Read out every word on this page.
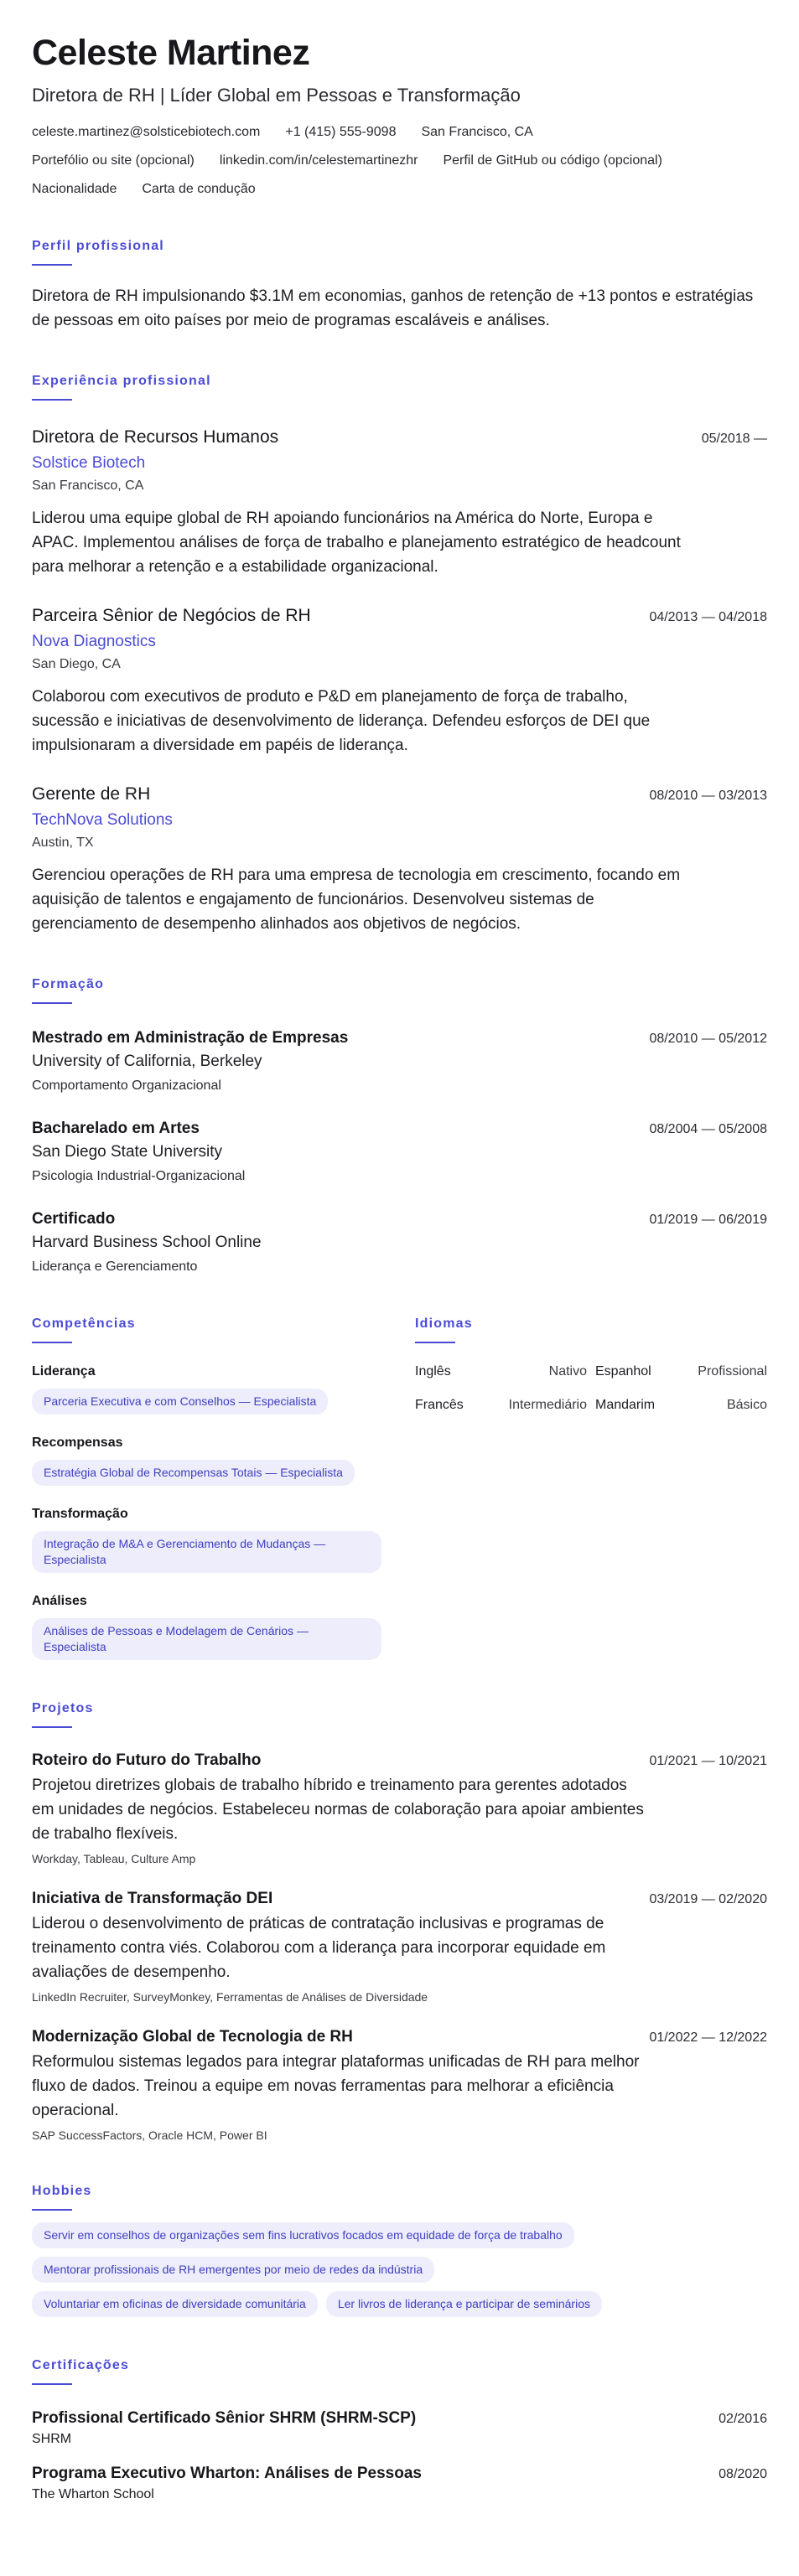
Celeste Martinez
Diretora de RH | Líder Global em Pessoas e Transformação
celeste.martinez@solsticebiotech.com +1 (415) 555-9098 San Francisco, CA
Portefólio ou site (opcional) linkedin.com/in/celestemartinezhr Perfil de GitHub ou código (opcional)
Nacionalidade Carta de condução
Perfil profissional
Diretora de RH impulsionando $3.1M em economias, ganhos de retenção de +13 pontos e estratégias de pessoas em oito países por meio de programas escaláveis e análises.
Experiência profissional
Diretora de Recursos Humanos	05/2018 —
Solstice Biotech
San Francisco, CA
Liderou uma equipe global de RH apoiando funcionários na América do Norte, Europa e APAC. Implementou análises de força de trabalho e planejamento estratégico de headcount para melhorar a retenção e a estabilidade organizacional.
Parceira Sênior de Negócios de RH	04/2013 — 04/2018
Nova Diagnostics
San Diego, CA
Colaborou com executivos de produto e P&D em planejamento de força de trabalho, sucessão e iniciativas de desenvolvimento de liderança. Defendeu esforços de DEI que impulsionaram a diversidade em papéis de liderança.
Gerente de RH	08/2010 — 03/2013
TechNova Solutions
Austin, TX
Gerenciou operações de RH para uma empresa de tecnologia em crescimento, focando em aquisição de talentos e engajamento de funcionários. Desenvolveu sistemas de gerenciamento de desempenho alinhados aos objetivos de negócios.
Formação
Mestrado em Administração de Empresas	08/2010 — 05/2012
University of California, Berkeley
Comportamento Organizacional
Bacharelado em Artes	08/2004 — 05/2008
San Diego State University
Psicologia Industrial-Organizacional
Certificado	01/2019 — 06/2019
Harvard Business School Online
Liderança e Gerenciamento
Competências
Liderança
Parceria Executiva e com Conselhos — Especialista
Recompensas
Estratégia Global de Recompensas Totais — Especialista
Transformação
Integração de M&A e Gerenciamento de Mudanças — Especialista
Análises
Análises de Pessoas e Modelagem de Cenários — Especialista
Idiomas
Inglês	Nativo Espanhol	Profissional
Francês	Intermediário Mandarim	Básico
Projetos
Roteiro do Futuro do Trabalho	01/2021 — 10/2021
Projetou diretrizes globais de trabalho híbrido e treinamento para gerentes adotados em unidades de negócios. Estabeleceu normas de colaboração para apoiar ambientes de trabalho flexíveis.
Workday, Tableau, Culture Amp
Iniciativa de Transformação DEI	03/2019 — 02/2020
Liderou o desenvolvimento de práticas de contratação inclusivas e programas de treinamento contra viés. Colaborou com a liderança para incorporar equidade em avaliações de desempenho.
LinkedIn Recruiter, SurveyMonkey, Ferramentas de Análises de Diversidade
Modernização Global de Tecnologia de RH	01/2022 — 12/2022
Reformulou sistemas legados para integrar plataformas unificadas de RH para melhor fluxo de dados. Treinou a equipe em novas ferramentas para melhorar a eficiência operacional.
SAP SuccessFactors, Oracle HCM, Power BI
Hobbies
Servir em conselhos de organizações sem fins lucrativos focados em equidade de força de trabalho
Mentorar profissionais de RH emergentes por meio de redes da indústria
Voluntariar em oficinas de diversidade comunitária	Ler livros de liderança e participar de seminários
Certificações
Profissional Certificado Sênior SHRM (SHRM-SCP)	02/2016
SHRM
Programa Executivo Wharton: Análises de Pessoas	08/2020
The Wharton School
